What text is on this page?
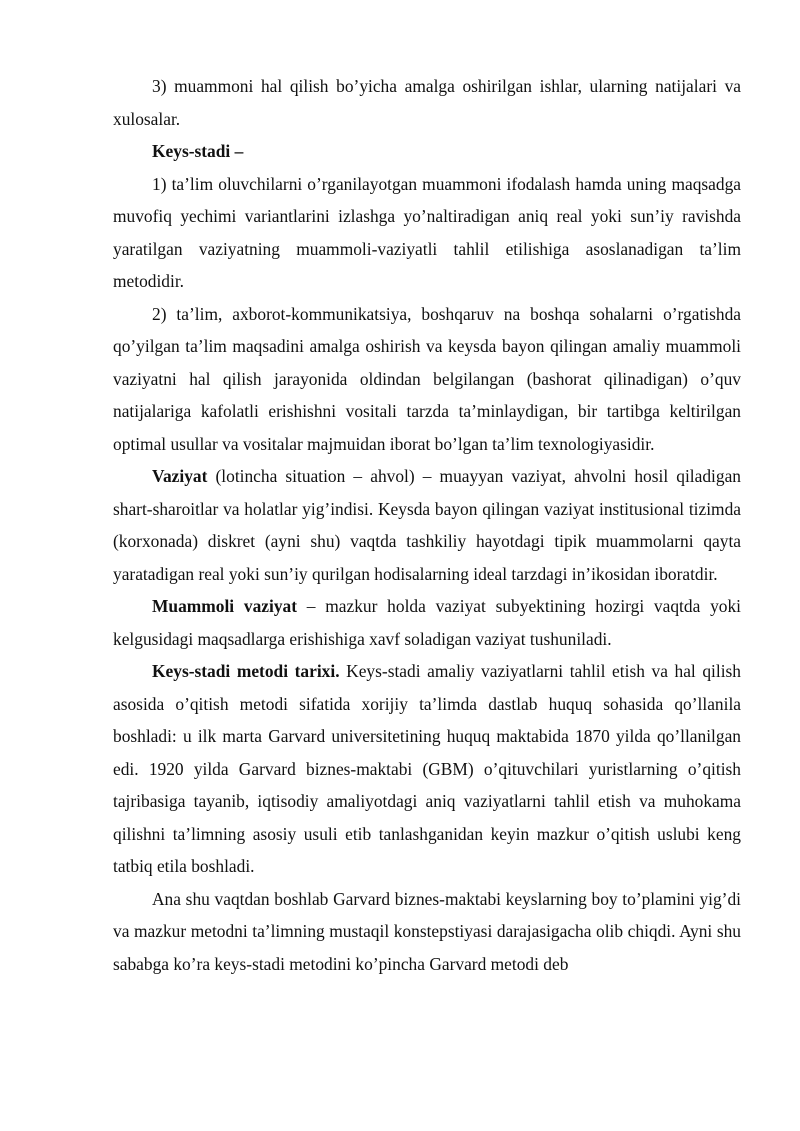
3) muammoni hal qilish bo’yicha amalga oshirilgan ishlar, ularning natijalari va xulosalar.

Keys-stadi –

1) ta’lim oluvchilarni o’rganilayotgan muammoni ifodalash hamda uning maqsadga muvofiq yechimi variantlarini izlashga yo’naltiradigan aniq real yoki sun’iy ravishda yaratilgan vaziyatning muammoli-vaziyatli tahlil etilishiga asoslanadigan ta’lim metodidir.

2) ta’lim, axborot-kommunikatsiya, boshqaruv na boshqa sohalarni o’rgatishda qo’yilgan ta’lim maqsadini amalga oshirish va keysda bayon qilingan amaliy muammoli vaziyatni hal qilish jarayonida oldindan belgilangan (bashorat qilinadigan) o’quv natijalariga kafolatli erishishni vositali tarzda ta’minlaydigan, bir tartibga keltirilgan optimal usullar va vositalar majmuidan iborat bo’lgan ta’lim texnologiyasidir.

Vaziyat (lotincha situation – ahvol) – muayyan vaziyat, ahvolni hosil qiladigan shart-sharoitlar va holatlar yig’indisi. Keysda bayon qilingan vaziyat institusional tizimda (korxonada) diskret (ayni shu) vaqtda tashkiliy hayotdagi tipik muammolarni qayta yaratadigan real yoki sun’iy qurilgan hodisalarning ideal tarzdagi in’ikosidan iboratdir.

Muammoli vaziyat – mazkur holda vaziyat subyektining hozirgi vaqtda yoki kelgusidagi maqsadlarga erishishiga xavf soladigan vaziyat tushuniladi.

Keys-stadi metodi tarixi. Keys-stadi amaliy vaziyatlarni tahlil etish va hal qilish asosida o’qitish metodi sifatida xorijiy ta’limda dastlab huquq sohasida qo’llanila boshladi: u ilk marta Garvard universitetining huquq maktabida 1870 yilda qo’llanilgan edi. 1920 yilda Garvard biznes-maktabi (GBM) o’qituvchilari yuristlarning o’qitish tajribasiga tayanib, iqtisodiy amaliyotdagi aniq vaziyatlarni tahlil etish va muhokama qilishni ta’limning asosiy usuli etib tanlashganidan keyin mazkur o’qitish uslubi keng tatbiq etila boshladi.

Ana shu vaqtdan boshlab Garvard biznes-maktabi keyslarning boy to’plamini yig’di va mazkur metodni ta’limning mustaqil konstepstiyasi darajasigacha olib chiqdi. Ayni shu sababga ko’ra keys-stadi metodini ko’pincha Garvard metodi deb
